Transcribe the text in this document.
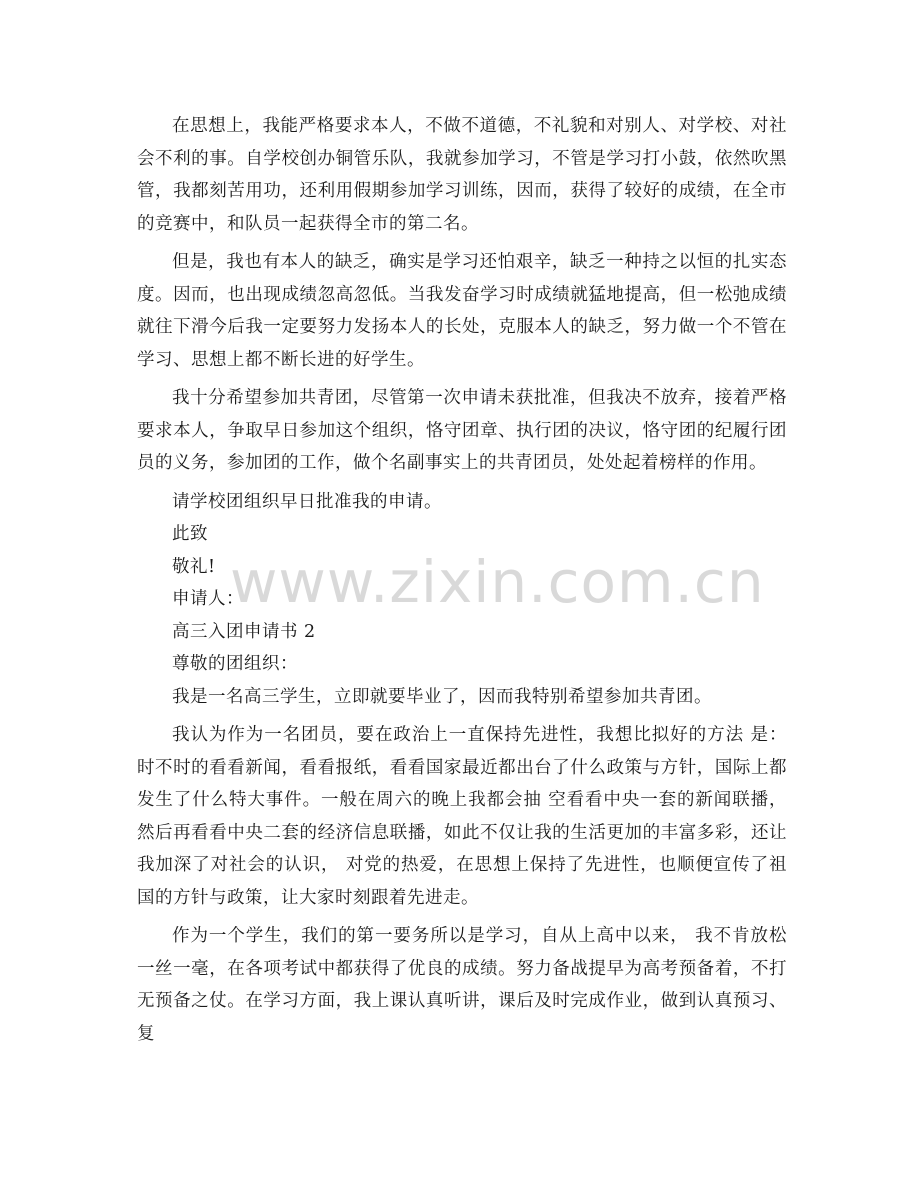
在思想上，我能严格要求本人，不做不道德，不礼貌和对别人、对学校、对社会不利的事。自学校创办铜管乐队，我就参加学习，不管是学习打小鼓，依然吹黑管，我都刻苦用功，还利用假期参加学习训练，因而，获得了较好的成绩，在全市的竞赛中，和队员一起获得全市的第二名。

但是，我也有本人的缺乏，确实是学习还怕艰辛，缺乏一种持之以恒的扎实态度。因而，也出现成绩忽高忽低。当我发奋学习时成绩就猛地提高，但一松弛成绩就往下滑今后我一定要努力发扬本人的长处，克服本人的缺乏，努力做一个不管在学习、思想上都不断长进的好学生。

我十分希望参加共青团，尽管第一次申请未获批准，但我决不放弃，接着严格要求本人，争取早日参加这个组织，恪守团章、执行团的决议，恪守团的纪履行团员的义务，参加团的工作，做个名副事实上的共青团员，处处起着榜样的作用。

请学校团组织早日批准我的申请。
此致
敬礼!
申请人：
高三入团申请书 2
尊敬的团组织：
我是一名高三学生，立即就要毕业了，因而我特别希望参加共青团。

我认为作为一名团员，要在政治上一直保持先进性，我想比拟好的方法 是：时不时的看看新闻，看看报纸，看看国家最近都出台了什么政策与方针，国际上都发生了什么特大事件。一般在周六的晚上我都会抽 空看看中央一套的新闻联播，然后再看看中央二套的经济信息联播，如此不仅让我的生活更加的丰富多彩，还让我加深了对社会的认识， 对党的热爱，在思想上保持了先进性，也顺便宣传了祖国的方针与政策，让大家时刻跟着先进走。

作为一个学生，我们的第一要务所以是学习，自从上高中以来， 我不肯放松一丝一毫，在各项考试中都获得了优良的成绩。努力备战提早为高考预备着，不打无预备之仗。在学习方面，我上课认真听讲，课后及时完成作业，做到认真预习、复

www.zixin.com.cn
